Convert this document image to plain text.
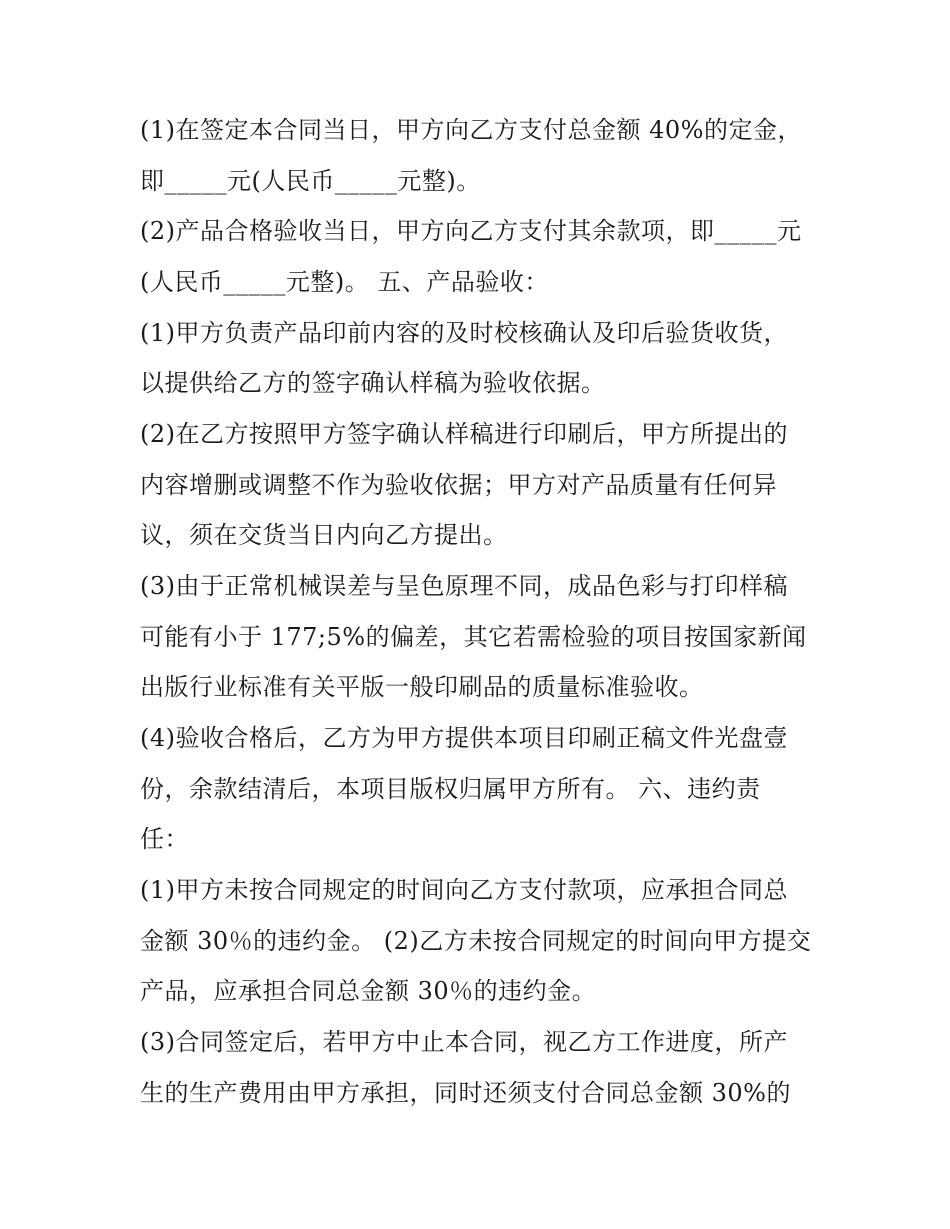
(1)在签定本合同当日，甲方向乙方支付总金额 40%的定金，
即_____元(人民币_____元整)。
(2)产品合格验收当日，甲方向乙方支付其余款项，即_____元
(人民币_____元整)。 五、产品验收：
(1)甲方负责产品印前内容的及时校核确认及印后验货收货，
以提供给乙方的签字确认样稿为验收依据。
(2)在乙方按照甲方签字确认样稿进行印刷后，甲方所提出的
内容增删或调整不作为验收依据；甲方对产品质量有任何异
议，须在交货当日内向乙方提出。
(3)由于正常机械误差与呈色原理不同，成品色彩与打印样稿
可能有小于 177;5%的偏差，其它若需检验的项目按国家新闻
出版行业标准有关平版一般印刷品的质量标准验收。
(4)验收合格后，乙方为甲方提供本项目印刷正稿文件光盘壹
份，余款结清后，本项目版权归属甲方所有。 六、违约责
任：
(1)甲方未按合同规定的时间向乙方支付款项，应承担合同总
金额 30％的违约金。 (2)乙方未按合同规定的时间向甲方提交
产品，应承担合同总金额 30％的违约金。
(3)合同签定后，若甲方中止本合同，视乙方工作进度，所产
生的生产费用由甲方承担，同时还须支付合同总金额 30%的
